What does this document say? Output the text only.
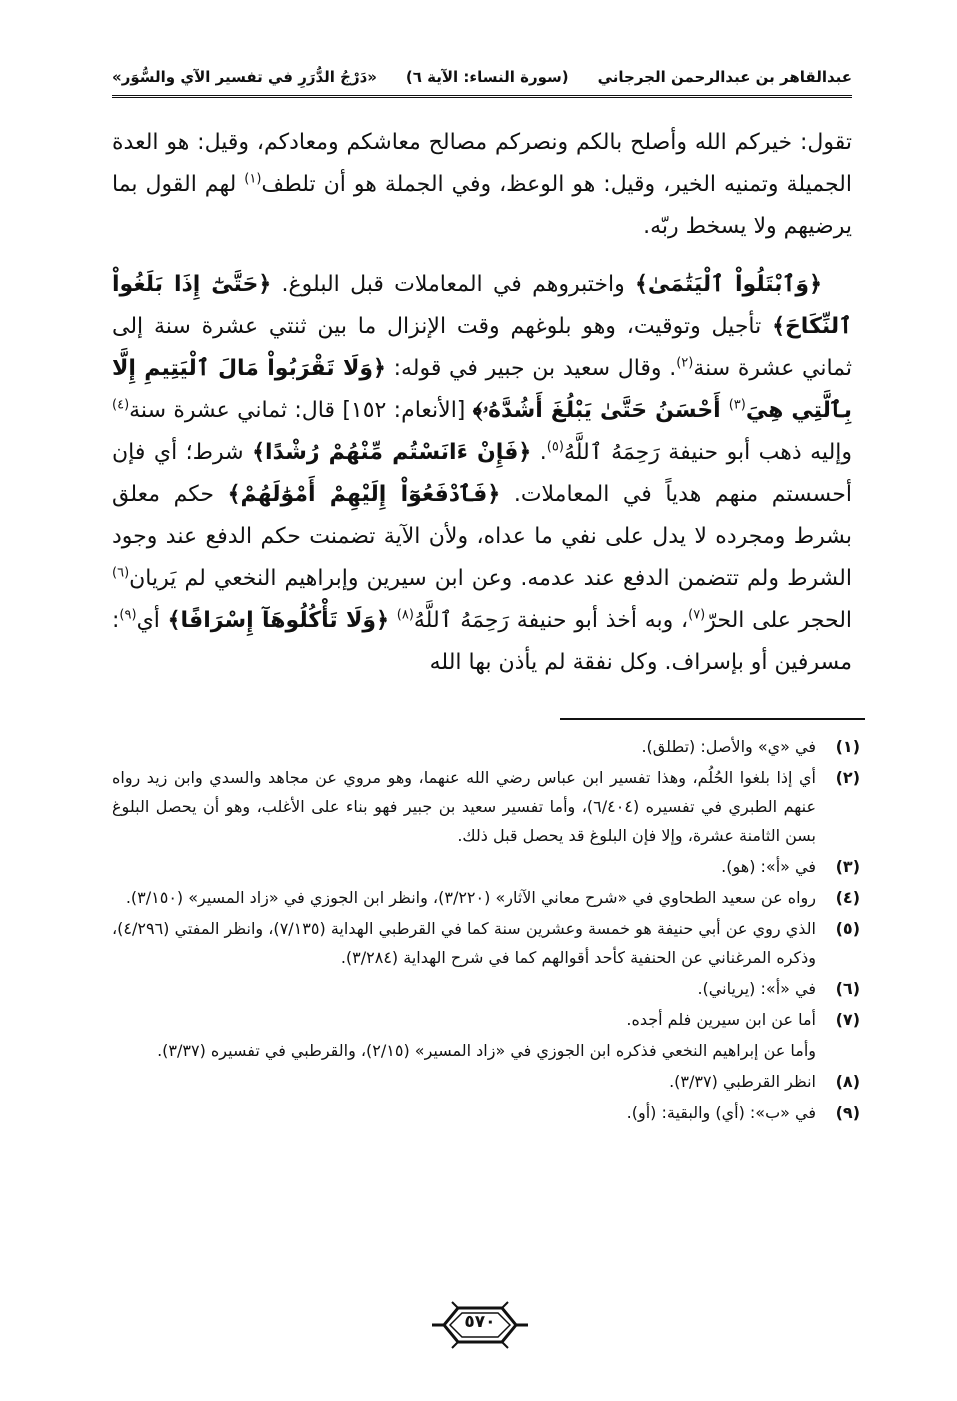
عبدالقاهر بن عبدالرحمن الجرجاني
(سورة النساء: الآية ٦)
«دَرْجُ الدُّرَرِ في تفسير الآي والسُّوَر»

تقول: خيركم الله وأصلح بالكم ونصركم مصالح معاشكم ومعادكم، وقيل: هو العدة الجميلة وتمنيه الخير، وقيل: هو الوعظ، وفي الجملة هو أن تلطف$^{(١)}$ لهم القول بما يرضيهم ولا يسخط ربّه.

﴿وَٱبْتَلُواْ ٱلْيَتَٰمَىٰ﴾ واختبروهم في المعاملات قبل البلوغ. ﴿حَتَّىٰٓ إِذَا بَلَغُواْ ٱلنِّكَاحَ﴾ تأجيل وتوقيت، وهو بلوغهم وقت الإنزال ما بين ثنتي عشرة سنة إلى ثماني عشرة سنة$^{(٢)}$. وقال سعيد بن جبير في قوله: ﴿وَلَا تَقْرَبُواْ مَالَ ٱلْيَتِيمِ إِلَّا بِٱلَّتِي هِيَ$^{(٣)}$ أَحْسَنُ حَتَّىٰ يَبْلُغَ أَشُدَّهُۥ﴾ [الأنعام: ١٥٢] قال: ثماني عشرة سنة$^{(٤)}$ وإليه ذهب أبو حنيفة رَحِمَهُ ٱللَّهُ$^{(٥)}$. ﴿فَإِنْ ءَانَسْتُم مِّنْهُمْ رُشْدًا﴾ شرط؛ أي فإن أحسستم منهم هدياً في المعاملات. ﴿فَٱدْفَعُوٓاْ إِلَيْهِمْ أَمْوَٰلَهُمْ﴾ حكم معلق بشرط ومجرده لا يدل على نفي ما عداه، ولأن الآية تضمنت حكم الدفع عند وجود الشرط ولم تتضمن الدفع عند عدمه. وعن ابن سيرين وإبراهيم النخعي لم يَريان$^{(٦)}$ الحجر على الحرّ$^{(٧)}$، وبه أخذ أبو حنيفة رَحِمَهُ ٱللَّهُ$^{(٨)}$ ﴿وَلَا تَأْكُلُوهَآ إِسْرَافًا﴾ أي$^{(٩)}$: مسرفين أو بإسراف. وكل نفقة لم يأذن بها الله

(١)
في «ي» والأصل: (تطلق).
(٢)
أي إذا بلغوا الحُلُم، وهذا تفسير ابن عباس رضي الله عنهما، وهو مروي عن مجاهد والسدي وابن زيد رواه عنهم الطبري في تفسيره (٦/٤٠٤)، وأما تفسير سعيد بن جبير فهو بناء على الأغلب، وهو أن يحصل البلوغ بسن الثامنة عشرة، وإلا فإن البلوغ قد يحصل قبل ذلك.
(٣)
في «أ»: (هو).
(٤)
رواه عن سعيد الطحاوي في «شرح معاني الآثار» (٣/٢٢٠)، وانظر ابن الجوزي في «زاد المسير» (٣/١٥٠).
(٥)
الذي روي عن أبي حنيفة هو خمسة وعشرين سنة كما في القرطبي الهداية (٧/١٣٥)، وانظر المفتي (٤/٢٩٦)، وذكره المرغناني عن الحنفية كأحد أقوالهم كما في شرح الهداية (٣/٢٨٤).
(٦)
في «أ»: (يرياني).
(٧)
أما عن ابن سيرين فلم أجده.
وأما عن إبراهيم النخعي فذكره ابن الجوزي في «زاد المسير» (٢/١٥)، والقرطبي في تفسيره (٣/٣٧).
(٨)
انظر القرطبي (٣/٣٧).
(٩)
في «ب»: (أي) والبقية: (أو).
٥٧٠
